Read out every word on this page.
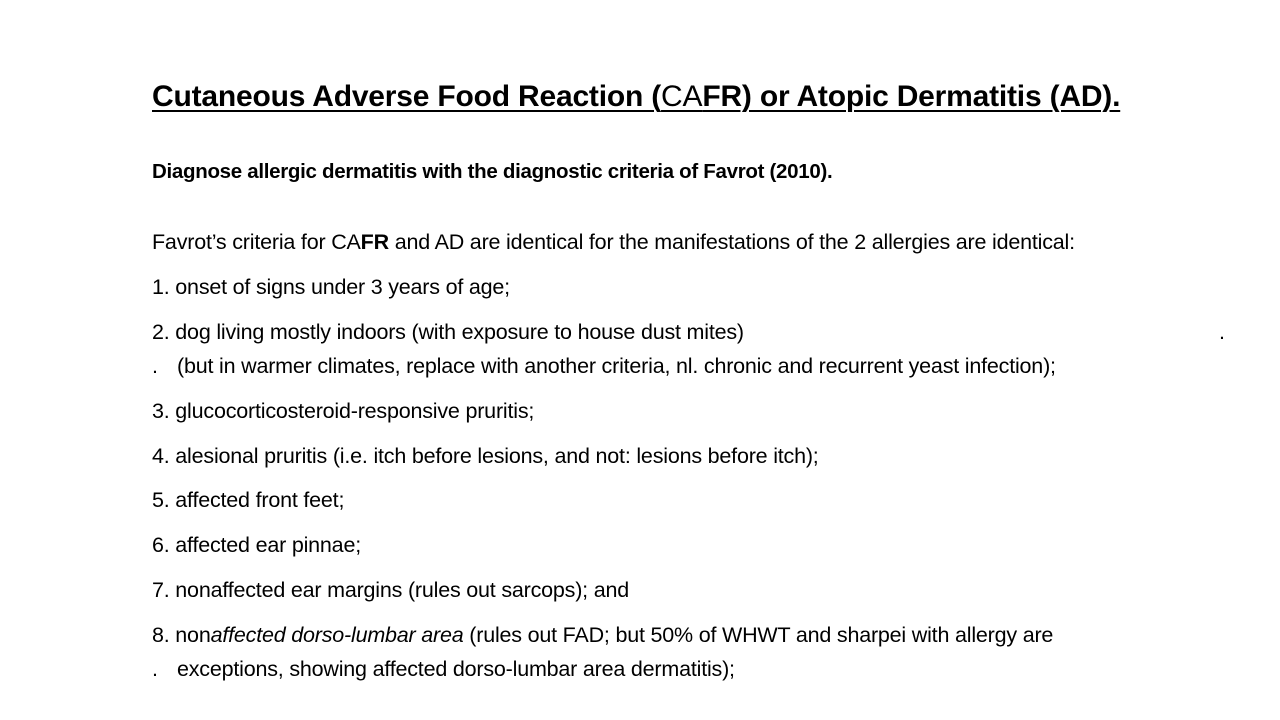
Cutaneous Adverse Food Reaction (CAFR) or Atopic Dermatitis (AD).
Diagnose allergic dermatitis with the diagnostic criteria of Favrot (2010).
Favrot’s criteria for CAFR and AD are identical for the manifestations of the 2 allergies are identical:
1. onset of signs under 3 years of age;
2. dog living mostly indoors (with exposure to house dust mites)	.
. (but in warmer climates, replace with another criteria, nl. chronic and recurrent yeast infection);
3. glucocorticosteroid-responsive pruritis;
4. alesional pruritis (i.e. itch before lesions, and not: lesions before itch);
5. affected front feet;
6. affected ear pinnae;
7. nonaffected ear margins (rules out sarcops); and
8. nonaffected dorso-lumbar area (rules out FAD; but 50% of WHWT and sharpei with allergy are
. exceptions, showing affected dorso-lumbar area dermatitis);
